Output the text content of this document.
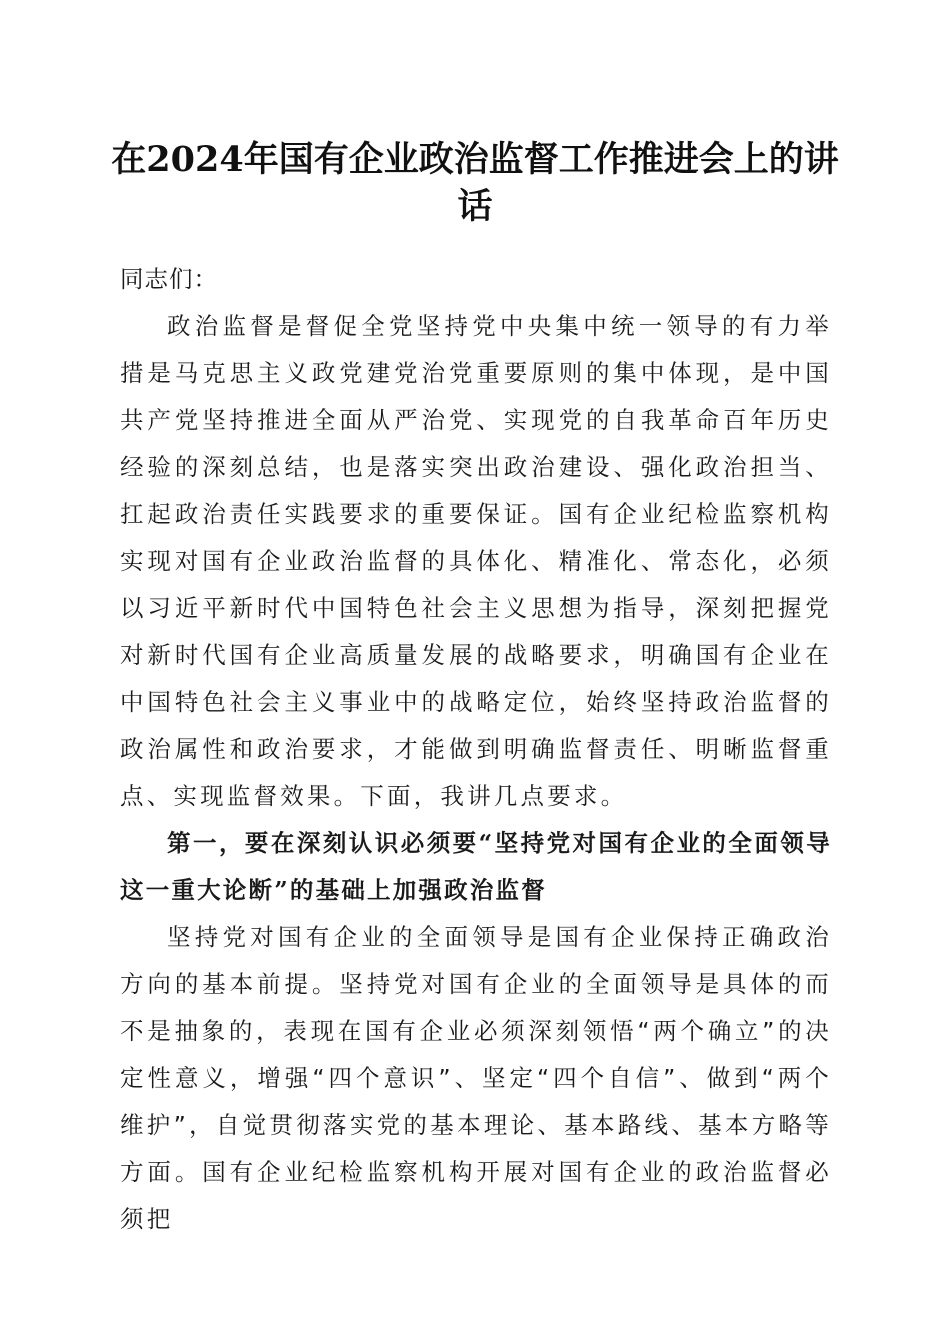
在2024年国有企业政治监督工作推进会上的讲话

同志们：

政治监督是督促全党坚持党中央集中统一领导的有力举措是马克思主义政党建党治党重要原则的集中体现，是中国共产党坚持推进全面从严治党、实现党的自我革命百年历史经验的深刻总结，也是落实突出政治建设、强化政治担当、扛起政治责任实践要求的重要保证。国有企业纪检监察机构实现对国有企业政治监督的具体化、精准化、常态化，必须以习近平新时代中国特色社会主义思想为指导，深刻把握党对新时代国有企业高质量发展的战略要求，明确国有企业在中国特色社会主义事业中的战略定位，始终坚持政治监督的政治属性和政治要求，才能做到明确监督责任、明晰监督重点、实现监督效果。下面，我讲几点要求。

第一，要在深刻认识必须要“坚持党对国有企业的全面领导这一重大论断”的基础上加强政治监督

坚持党对国有企业的全面领导是国有企业保持正确政治方向的基本前提。坚持党对国有企业的全面领导是具体的而不是抽象的，表现在国有企业必须深刻领悟“两个确立”的决定性意义，增强“四个意识”、坚定“四个自信”、做到“两个维护”，自觉贯彻落实党的基本理论、基本路线、基本方略等方面。国有企业纪检监察机构开展对国有企业的政治监督必须把
